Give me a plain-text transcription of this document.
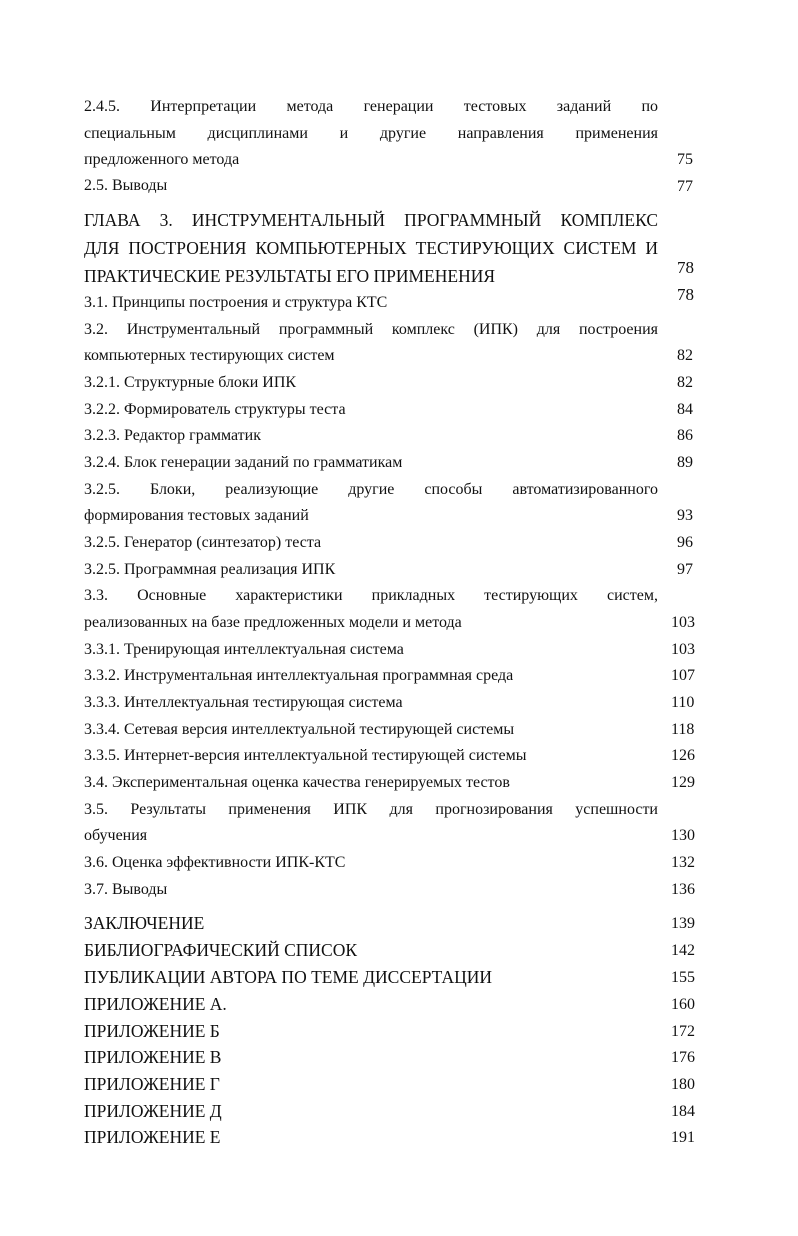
2.4.5. Интерпретации метода генерации тестовых заданий по
специальным дисциплинами и другие направления применения
предложенного метода	75
2.5. Выводы	77
ГЛАВА 3. ИНСТРУМЕНТАЛЬНЫЙ ПРОГРАММНЫЙ КОМПЛЕКС
ДЛЯ ПОСТРОЕНИЯ КОМПЬЮТЕРНЫХ ТЕСТИРУЮЩИХ СИСТЕМ И
ПРАКТИЧЕСКИЕ РЕЗУЛЬТАТЫ ЕГО ПРИМЕНЕНИЯ	78
3.1. Принципы построения и структура КТС	78
3.2. Инструментальный программный комплекс (ИПК) для построения
компьютерных тестирующих систем	82
3.2.1. Структурные блоки ИПК	82
3.2.2. Формирователь структуры теста	84
3.2.3. Редактор грамматик	86
3.2.4. Блок генерации заданий по грамматикам	89
3.2.5. Блоки, реализующие другие способы автоматизированного
формирования тестовых заданий	93
3.2.5. Генератор (синтезатор) теста	96
3.2.5. Программная реализация ИПК	97
3.3. Основные характеристики прикладных тестирующих систем,
реализованных на базе предложенных модели и метода	103
3.3.1. Тренирующая интеллектуальная система	103
3.3.2. Инструментальная интеллектуальная программная среда	107
3.3.3. Интеллектуальная тестирующая система	110
3.3.4. Сетевая версия интеллектуальной тестирующей системы	118
3.3.5. Интернет-версия интеллектуальной тестирующей системы	126
3.4. Экспериментальная оценка качества генерируемых тестов	129
3.5. Результаты применения ИПК для прогнозирования успешности
обучения	130
3.6. Оценка эффективности ИПК-КТС	132
3.7. Выводы	136
ЗАКЛЮЧЕНИЕ	139
БИБЛИОГРАФИЧЕСКИЙ СПИСОК	142
ПУБЛИКАЦИИ АВТОРА ПО ТЕМЕ ДИССЕРТАЦИИ	155
ПРИЛОЖЕНИЕ А.	160
ПРИЛОЖЕНИЕ Б	172
ПРИЛОЖЕНИЕ В	176
ПРИЛОЖЕНИЕ Г	180
ПРИЛОЖЕНИЕ Д	184
ПРИЛОЖЕНИЕ Е	191
